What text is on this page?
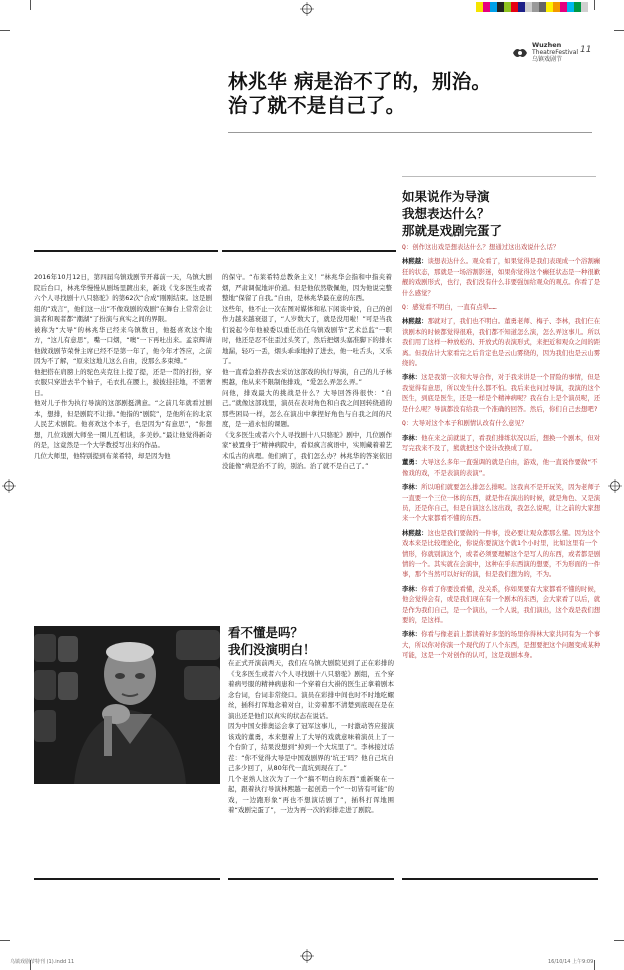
Wuzhen
TheatreFestival
乌镇戏剧节
11
林兆华 病是治不了的，别治。
治了就不是自己了。
如果说作为导演
我想表达什么？
那就是戏剧完蛋了

Q：创作这出戏是想表达什么？想通过这出戏说什么话？

林熙越：谈想表达什么。观众看了，如果觉得是我们表现成一个浴割癫狂的状态，那就是一场浴割影迷，如果你觉得这个癫狂状态是一种很歉靓的戏剧形式，也行，我们没有什么非要强加给观众的观点。你看了是什么感觉？

Q：感觉看不明白，一直有点晕……

林熙越：那就对了，我们也不明白。董勇老师、梅子、李林，我们仨在读剧本的时候都觉得很难，我们都不知道怎么演，怎么弄这事儿。所以我们用了这样一种放松的、开放式的表演形式，来把近和观众之间的距离。但我估计大家看完之后肯定也是云山雾绕的，因为我们也是云山雾绕的。

李林：这是我第一次和大导合作，对于我来讲是一个冒险的事情，但是我觉得有意思，所以发生什么都不怕。我后来也问过导演，我演的这个医生，到底是医生，还是一样是个精神病呢？我在台上是个演员呢，还是什么呢？导演都没有给我一个准确的回答。然后，你们自己去想吧?

Q：大导对这个本子和剧情认改有什么意见？

李林：他在来之前就说了，看我们排练状况以后，想换一个剧本，但对写完我来不及了，熊就把这个设计改换成了原。

董勇：大导这么多年一直强调的就是自由，游戏，他一直说作要做“不像戏的戏，不是表演的表演”。

李林：所以咱们就要怎么排怎么排呢。这我真不是开玩笑，因为老师子一直要一个三位一体的东西，就是作在演出的时候，就是角色、又是演员，还是你自己，但是自演这么这出戏，我怎么说呢，让之前的大家想来一个大家都看不懂的东西。

林熙越：这也是我们要做的一件事，没必要让观众都那么懂。因为这个戏本来是比较理论化，你说你要演这个就1个小时里，比如这里有一个情形，你就别演这个，或者必须要理解这个是写人的东西，或者都是剧情的一个。其实就在会演中，这种在乎东西演的想要，不为形面的一件事，那个当然可以好好的演，但是我们想为的，不为。

李林：你看了你要没看懂，没关系，你如果要有大家都看不懂的时候，他会觉得会有，或是我们现在有一个剧本的东西，会大家看了以后，就是作为我们自己，是一个演出，一个人说，我们演出，这个戏是我们想要的，是这样。

李林：你看与像老前上都读着好多坚的场里你得林大家共同有为一个事大，所以你对你演一个现代的了八个东西，是想要把这个问题变成某种可能，这是一个对创作的认可，这是戏剧本身。

2016年10月12日，第四届乌镇戏剧节开幕前一天，乌镇大剧院后台口，林兆华慢慢从剧场里踱出来，新戏《戈多医生或者六个人寻找剧十八只骆驼》的第62次“合成”刚刚结束。这是剧组的“戏言”，他们这一出“不像戏剧的戏剧”在舞台上常常会让演者和观者都“潮湖”了扮演与真实之间的界限。

被称为“大导”的林兆华已经来乌镇数日，他挺喜欢这个地方，“这儿有意思”，嘴一口烟，“噢”一下再吐出来。孟京辉请他做戏剧节荣誉主席已经不是第一年了，他今年才答应，之前因为不了解，“原来这地儿这么自由，没那么多束缚。”

他把搭在肩膀上的驼色夹克往上提了提，还是一贯的打扮，穿衣服只穿进去半个袖子，毛衣扎在腰上，披披挂挂地，不需奢日。

他对儿子作为执行导演的这部剧挺满意。“之前几年就看过剧本，想排，但是剧院不让排。”他指的“剧院”，是他所在的北京人民艺术剧院。他喜欢这个本子，也是因为“有意思”，“你想想，几位戏剧大师坐一圈儿互相谈，多美妙。”最让他觉得新奇的是，这竟然是一个大学教授写出来的作品。

几位大师里，他特别提到布莱希特，却是因为他

的保守。“布莱希特总教条主义！”林兆华会指和中指夹着烟，严肃调侃地评价道。但是他依然敬佩他，因为他说完整整地“保留了自我。”自由，是林兆华最在意的东西。

这些年，他不止一次在图对媒体和私下闲谈中说，自己的创作力越来越衰退了，“人岁数大了，就是没用啦！”可是当我们说起今年他被委以重任出任乌镇戏剧节“艺术总监”一职时，他还是忍不住歪过头笑了，然后把烟头塞准脚下的排水地漏，轻巧一丢，烟头乖乖地掉了进去，他一吐舌头，又乐了。

他一直看急推荐我去采访这部戏的执行导演，自己的儿子林熙越，他从来不限制他排戏，“爱怎么弄怎么弄。”

问他，排戏最大的挑战是什么？大导回答得很快：“自己。”就像这部戏里，演员在表对角色和自我之间回转绕道的那些困局一样，怎么在演出中拿捏好角色与自我之间的尺度，是一道永恒的课题。

《戈多医生或者六个人寻找剧十八只骆驼》剧中，几位剧作家“被置身于”精神病院中，看似疯言疯语中，实则藏着着艺术瓜古的真理。他们病了，我们怎么办？林兆华的答案依旧没能像“病是治不了的，别治。治了就不是自己了。”

看不懂是吗？
我们没演明白！

在正式开演前两天，我们在乌镇大剧院见到了正在彩排的《戈多医生或者六个人寻找剧十八只骆驼》剧组，五个穿着病号服的精神病患和一个穿着白大褂的医生正拿着剧本念台词，台词非常绕口。演员在彩排中间也时不时地吃螺丝，插科打诨地念着对白，让旁着那不清楚到底现在是在演出还是他们以真实的状态在说话。

因为中国女排奥运会拿了冠军这事儿，一时激动答应接演该戏的董勇，本来想着上了大导的戏就意味着演员上了一个台阶了，结果没想到“掉到一个大坑里了”。李林接过话茬：“你不觉得大导是中国戏剧界的‘坑王’吗？他自己坑自己多少回了，从80年代一直坑到现在了。”

几个老熟人这次为了一个“搞不明白的东西”重新聚在一起，跟着执行导演林熙越一起创造一个“一切皆有可能”的戏，一边跑形象“再也不想演话剧了”，插科打诨地围着“戏剧完蛋了”，一边为再一次的彩排走进了剧院。

乌镇戏剧节特刊 (1).indd 11	16/10/14 上午9:09
